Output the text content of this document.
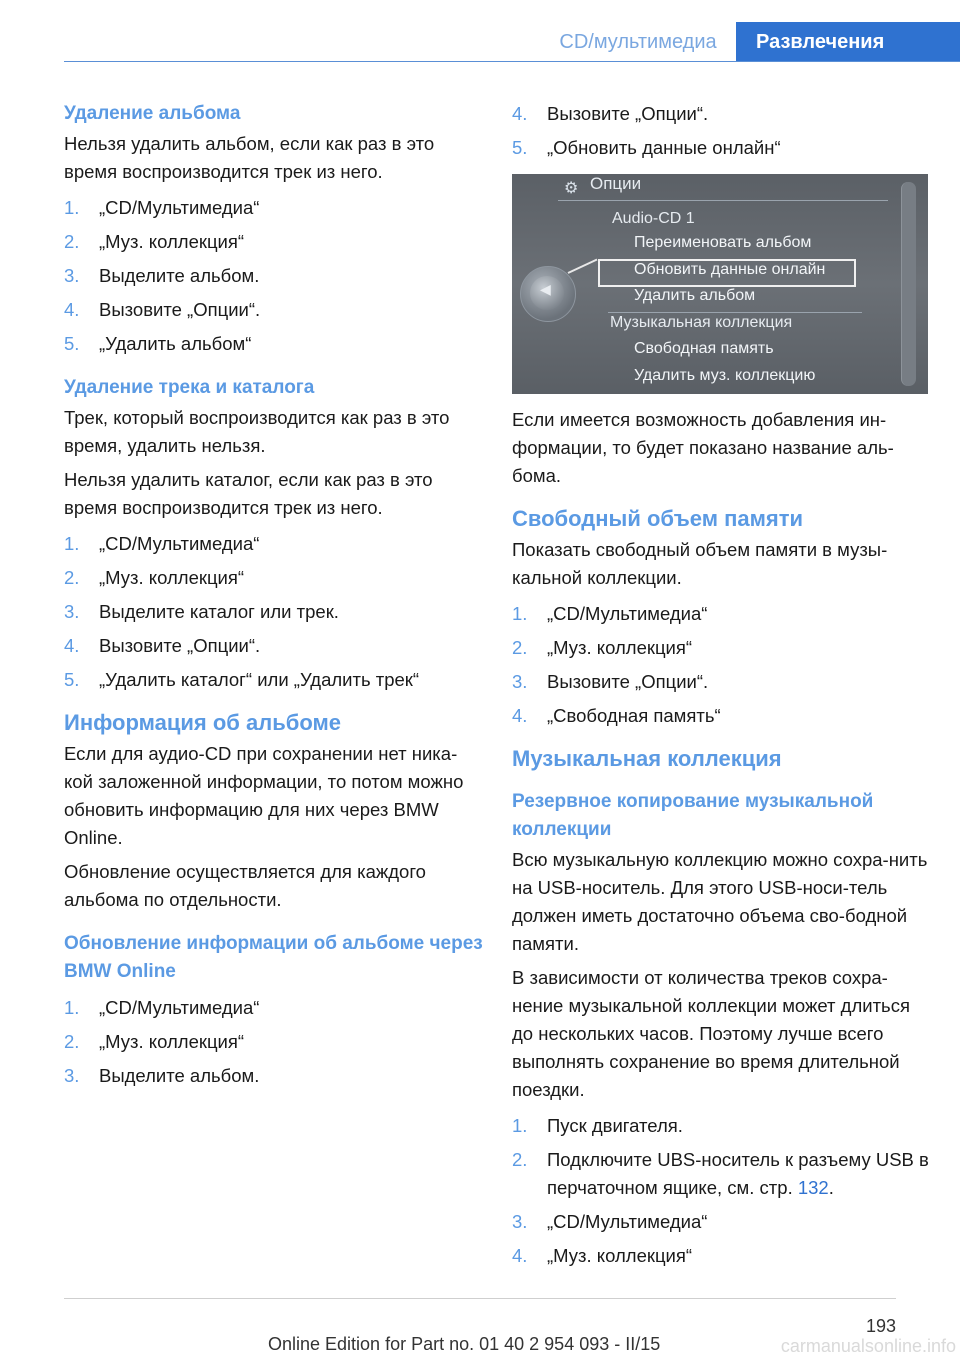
CD/мультимедиа	Развлечения
Удаление альбома
Нельзя удалить альбом, если как раз в это время воспроизводится трек из него.
1. „CD/Мультимедиа“
2. „Муз. коллекция“
3. Выделите альбом.
4. Вызовите „Опции“.
5. „Удалить альбом“
Удаление трека и каталога
Трек, который воспроизводится как раз в это время, удалить нельзя.
Нельзя удалить каталог, если как раз в это время воспроизводится трек из него.
1. „CD/Мультимедиа“
2. „Муз. коллекция“
3. Выделите каталог или трек.
4. Вызовите „Опции“.
5. „Удалить каталог“ или „Удалить трек“
Информация об альбоме
Если для аудио-CD при сохранении нет ника-кой заложенной информации, то потом можно обновить информацию для них через BMW Online.
Обновление осуществляется для каждого альбома по отдельности.
Обновление информации об альбоме через BMW Online
1. „CD/Мультимедиа“
2. „Муз. коллекция“
3. Выделите альбом.
4. Вызовите „Опции“.
5. „Обновить данные онлайн“
⚙ Опции
Audio-CD 1
Переименовать альбом
Обновить данные онлайн
Удалить альбом
Музыкальная коллекция
Свободная память
Удалить муз. коллекцию
◀
Если имеется возможность добавления ин-формации, то будет показано название аль-бома.
Свободный объем памяти
Показать свободный объем памяти в музы-кальной коллекции.
1. „CD/Мультимедиа“
2. „Муз. коллекция“
3. Вызовите „Опции“.
4. „Свободная память“
Музыкальная коллекция
Резервное копирование музыкальной коллекции
Всю музыкальную коллекцию можно сохра-нить на USB-носитель. Для этого USB-носи-тель должен иметь достаточно объема сво-бодной памяти.
В зависимости от количества треков сохра-нение музыкальной коллекции может длиться до нескольких часов. Поэтому лучше всего выполнять сохранение во время длительной поездки.
1. Пуск двигателя.
2. Подключите UBS-носитель к разъему USB в перчаточном ящике, см. стр. 132.
3. „CD/Мультимедиа“
4. „Муз. коллекция“
193
Online Edition for Part no. 01 40 2 954 093 - II/15	carmanualsonline.info
